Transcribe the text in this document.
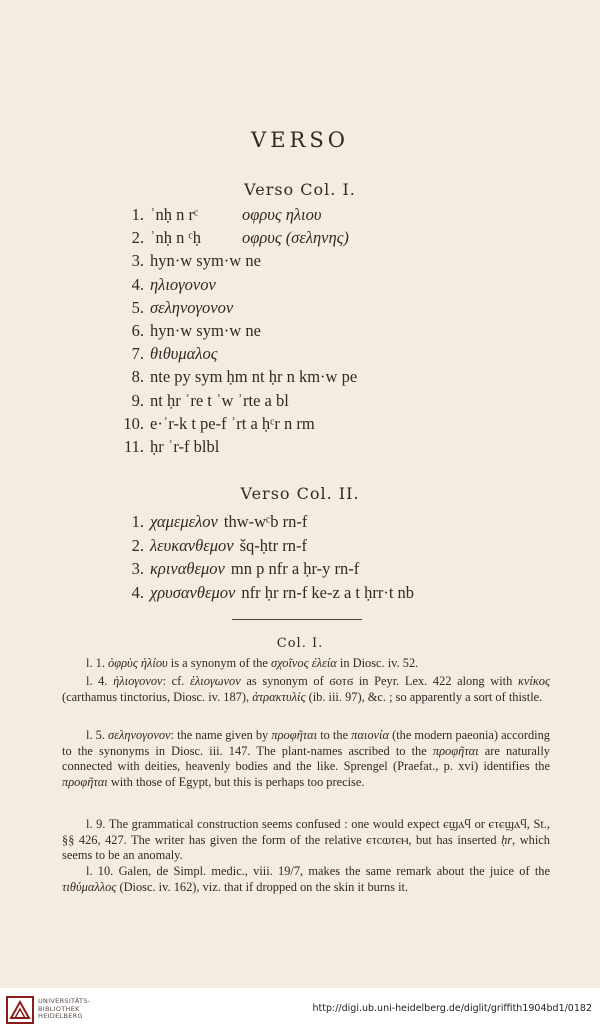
VERSO
Verso Col. I.
1. ʾnḥ n rᶜ	οφρυς ηλιου
2. ʾnḥ n ᶜḥ οφρυς (σεληνης)
3. hyn·w sym·w ne
4. ηλιογονον
5. σεληνογονον
6. hyn·w sym·w ne
7. θιθυμαλος
8. nte py sym ḥm nt ḥr n km·w pe
9. nt ḥr ʾre t ʾw ʾrte a bl
10. e·ʾr-k t pe-f ʾrt a ḥᶜr n rm
11. ḥr ʾr-f blbl
Verso Col. II.
1. χαμεμελον thw-wᶜb rn-f
2. λευκανθεμον šq-ḥtr rn-f
3. κριναθεμον mn p nfr a ḥr-y rn-f
4. χρυσανθεμον nfr ḥr rn-f ke-z a t ḥrr·t nb
Col. I.
l. 1. ὀφρὺς ἡλίου is a synonym of the σχοῖνος ἐλεία in Diosc. iv. 52.
l. 4. ἡλιογονον: cf. ἑλιογωνον as synonym of ϭⲟⲧϭ in Peyr. Lex. 422 along with κνίκος (carthamus tinctorius, Diosc. iv. 187), ἀτρακτυλίς (ib. iii. 97), &c. ; so apparently a sort of thistle.
l. 5. σεληνογονον: the name given by προφῆται to the παιονία (the modern paeonia) according to the synonyms in Diosc. iii. 147. The plant-names ascribed to the προφῆται are naturally connected with deities, heavenly bodies and the like. Sprengel (Praefat., p. xvi) identifies the προφῆται with those of Egypt, but this is perhaps too precise.
l. 9. The grammatical construction seems confused : one would expect ⲉϣⲁϥ or ⲉⲧⲉϣⲁϥ, St., §§ 426, 427. The writer has given the form of the relative ⲉⲧⲥⲱⲧⲉⲙ, but has inserted ḥr, which seems to be an anomaly.
l. 10. Galen, de Simpl. medic., viii. 19/7, makes the same remark about the juice of the τιθύμαλλος (Diosc. iv. 162), viz. that if dropped on the skin it burns it.
UNIVERSITÄTS-
BIBLIOTHEK
HEIDELBERG
http://digi.ub.uni-heidelberg.de/diglit/griffith1904bd1/0182
